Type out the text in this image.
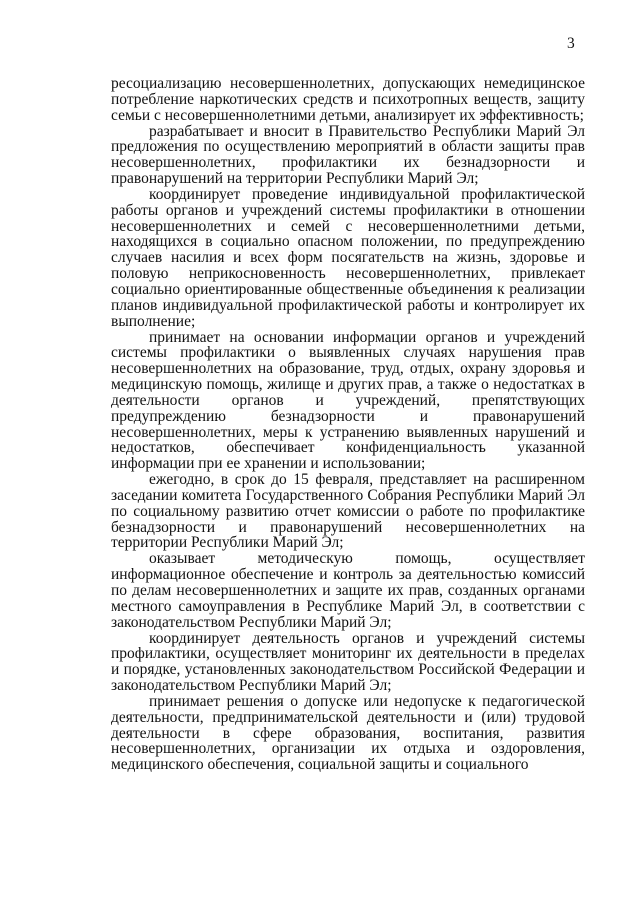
3

ресоциализацию несовершеннолетних, допускающих немедицинское потребление наркотических средств и психотропных веществ, защиту семьи с несовершеннолетними детьми, анализирует их эффективность;

разрабатывает и вносит в Правительство Республики Марий Эл предложения по осуществлению мероприятий в области защиты прав несовершеннолетних, профилактики их безнадзорности и правонарушений на территории Республики Марий Эл;

координирует проведение индивидуальной профилактической работы органов и учреждений системы профилактики в отношении несовершеннолетних и семей с несовершеннолетними детьми, находящихся в социально опасном положении, по предупреждению случаев насилия и всех форм посягательств на жизнь, здоровье и половую неприкосновенность несовершеннолетних, привлекает социально ориентированные общественные объединения к реализации планов индивидуальной профилактической работы и контролирует их выполнение;

принимает на основании информации органов и учреждений системы профилактики о выявленных случаях нарушения прав несовершеннолетних на образование, труд, отдых, охрану здоровья и медицинскую помощь, жилище и других прав, а также о недостатках в деятельности органов и учреждений, препятствующих предупреждению безнадзорности и правонарушений несовершеннолетних, меры к устранению выявленных нарушений и недостатков, обеспечивает конфиденциальность указанной информации при ее хранении и использовании;

ежегодно, в срок до 15 февраля, представляет на расширенном заседании комитета Государственного Собрания Республики Марий Эл по социальному развитию отчет комиссии о работе по профилактике безнадзорности и правонарушений несовершеннолетних на территории Республики Марий Эл;

оказывает методическую помощь, осуществляет информационное обеспечение и контроль за деятельностью комиссий по делам несовершеннолетних и защите их прав, созданных органами местного самоуправления в Республике Марий Эл, в соответствии с законодательством Республики Марий Эл;

координирует деятельность органов и учреждений системы профилактики, осуществляет мониторинг их деятельности в пределах и порядке, установленных законодательством Российской Федерации и законодательством Республики Марий Эл;

принимает решения о допуске или недопуске к педагогической деятельности, предпринимательской деятельности и (или) трудовой деятельности в сфере образования, воспитания, развития несовершеннолетних, организации их отдыха и оздоровления, медицинского обеспечения, социальной защиты и социального
